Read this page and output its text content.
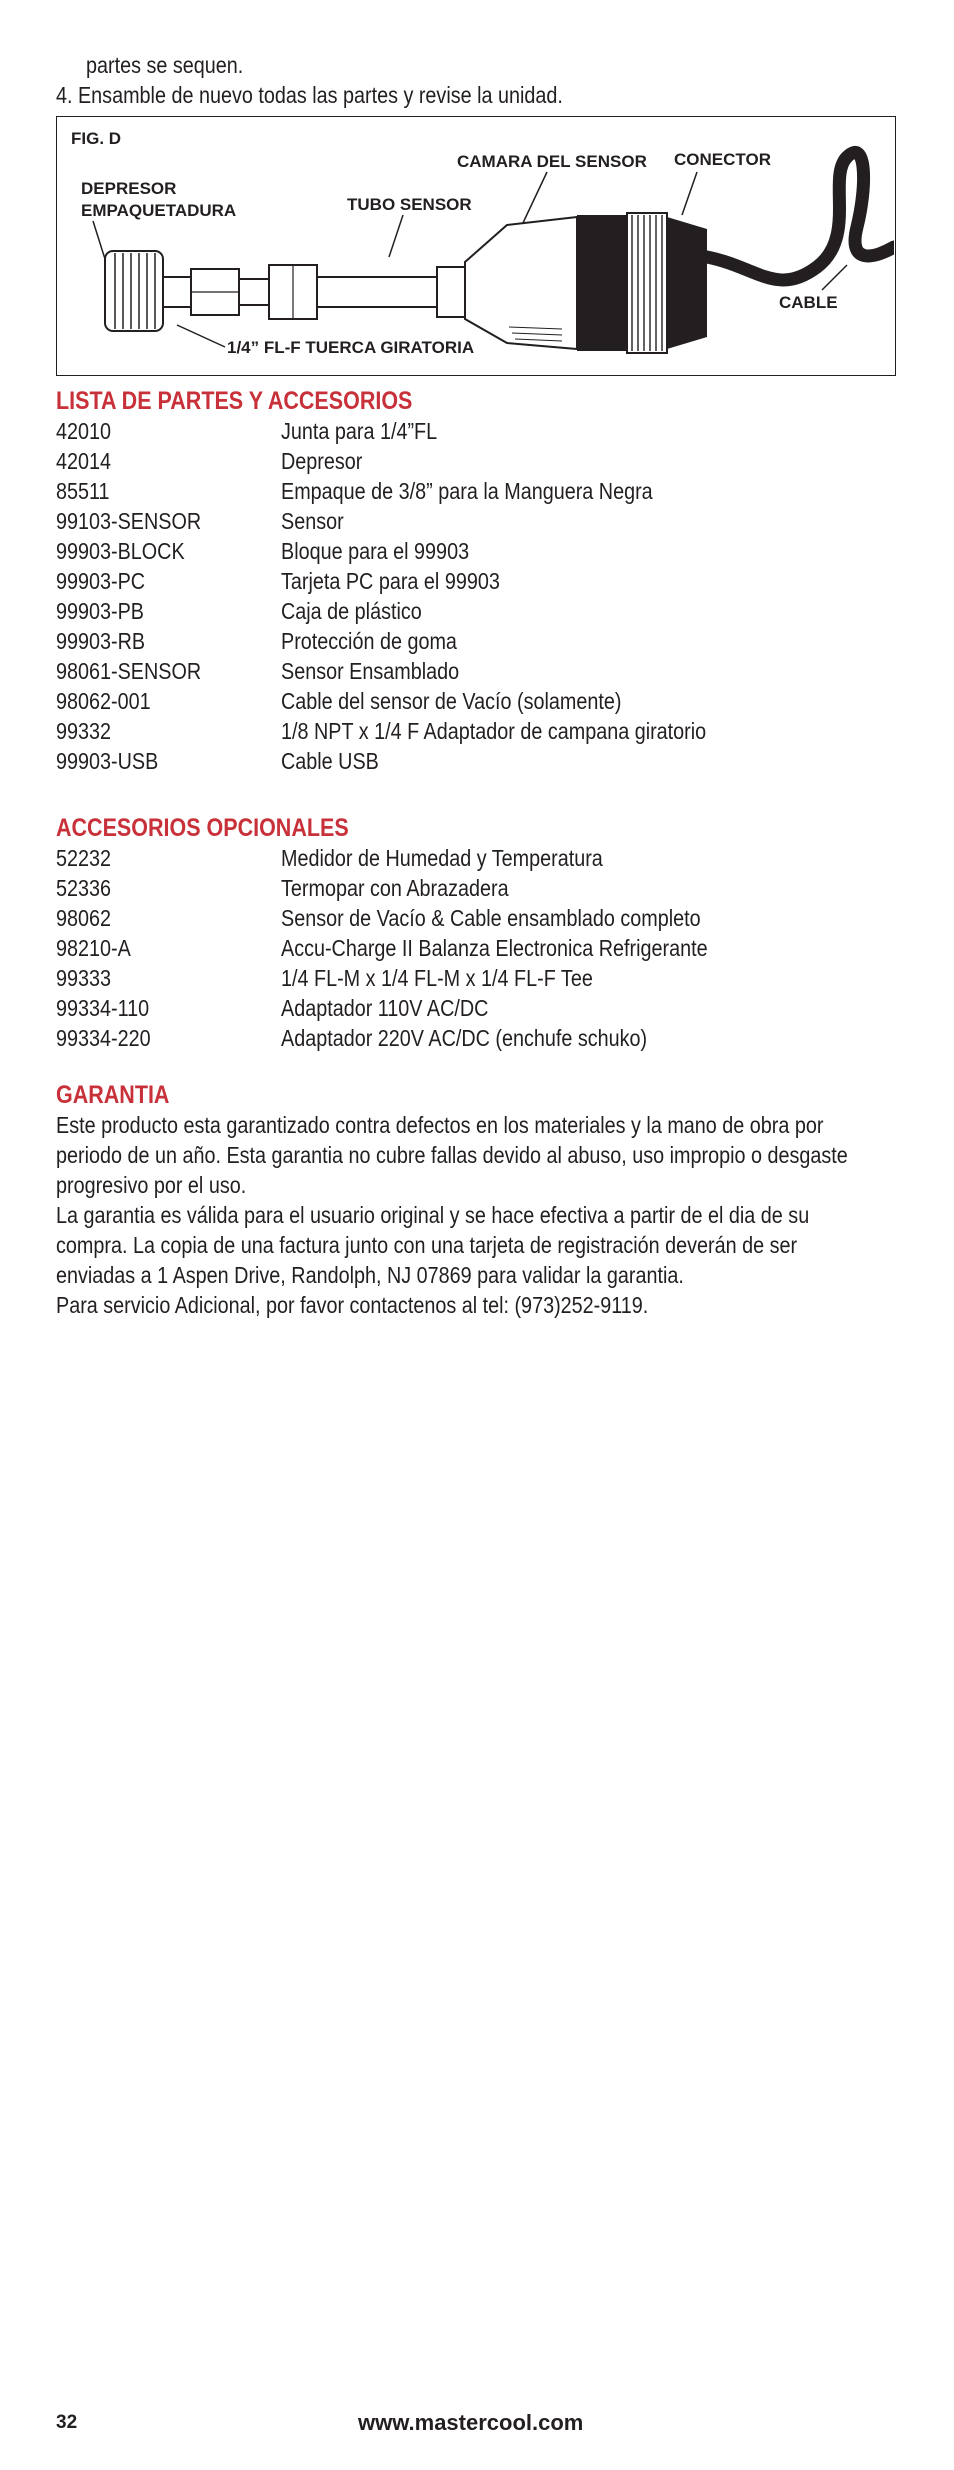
partes se sequen.
4. Ensamble de nuevo todas las partes y revise la unidad.
FIG. D
DEPRESOR
EMPAQUETADURA	TUBO SENSOR
CAMARA DEL SENSOR CONECTOR
CABLE
1/4” FL-F TUERCA GIRATORIA
LISTA DE PARTES Y ACCESORIOS
42010	Junta para 1/4”FL
42014	Depresor
85511	Empaque de 3/8” para la Manguera Negra
99103-SENSOR	Sensor
99903-BLOCK	Bloque para el 99903
99903-PC	Tarjeta PC para el 99903
99903-PB	Caja de plástico
99903-RB	Protección de goma
98061-SENSOR	Sensor Ensamblado
98062-001	Cable del sensor de Vacío (solamente)
99332	1/8 NPT x 1/4 F Adaptador de campana giratorio
99903-USB	Cable USB
ACCESORIOS OPCIONALES
52232	Medidor de Humedad y Temperatura
52336	Termopar con Abrazadera
98062	Sensor de Vacío & Cable ensamblado completo
98210-A	Accu-Charge II Balanza Electronica Refrigerante
99333	1/4 FL-M x 1/4 FL-M x 1/4 FL-F Tee
99334-110	Adaptador 110V AC/DC
99334-220	Adaptador 220V AC/DC (enchufe schuko)
GARANTIA
Este producto esta garantizado contra defectos en los materiales y la mano de obra por
periodo de un año. Esta garantia no cubre fallas devido al abuso, uso impropio o desgaste
progresivo por el uso.
La garantia es válida para el usuario original y se hace efectiva a partir de el dia de su
compra. La copia de una factura junto con una tarjeta de registración deverán de ser
enviadas a 1 Aspen Drive, Randolph, NJ 07869 para validar la garantia.
Para servicio Adicional, por favor contactenos al tel: (973)252-9119.
32	www.mastercool.com
